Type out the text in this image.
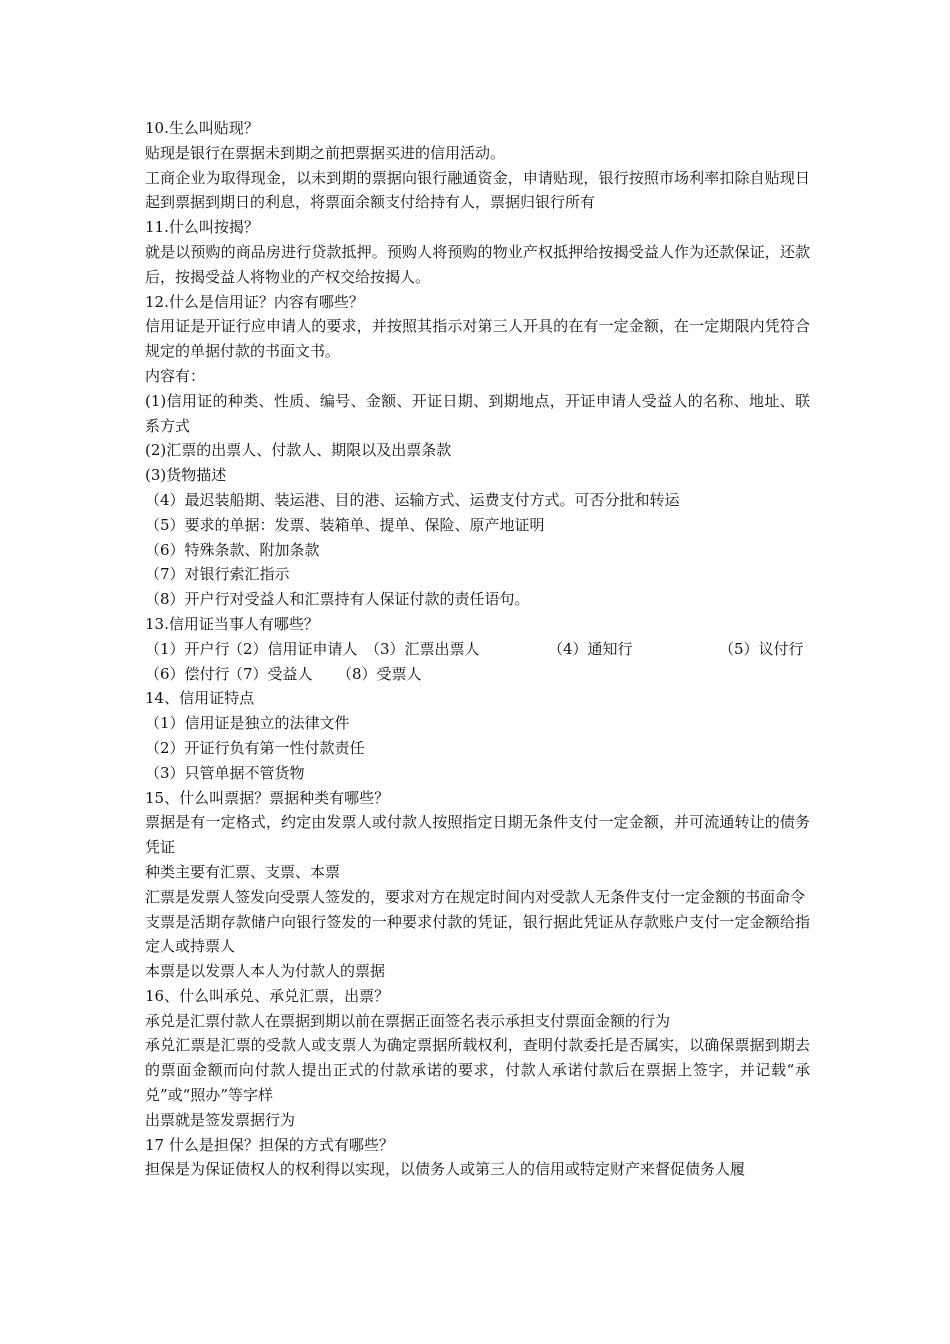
10.生么叫贴现？
贴现是银行在票据未到期之前把票据买进的信用活动。
工商企业为取得现金，以未到期的票据向银行融通资金，申请贴现，银行按照市场利率扣除自贴现日起到票据到期日的利息，将票面余额支付给持有人，票据归银行所有
11.什么叫按揭？
就是以预购的商品房进行贷款抵押。预购人将预购的物业产权抵押给按揭受益人作为还款保证，还款后，按揭受益人将物业的产权交给按揭人。
12.什么是信用证？内容有哪些？
信用证是开证行应申请人的要求，并按照其指示对第三人开具的在有一定金额，在一定期限内凭符合规定的单据付款的书面文书。
内容有：
(1)信用证的种类、性质、编号、金额、开证日期、到期地点，开证申请人受益人的名称、地址、联系方式
(2)汇票的出票人、付款人、期限以及出票条款
(3)货物描述
（4）最迟装船期、装运港、目的港、运输方式、运费支付方式。可否分批和转运
（5）要求的单据：发票、装箱单、提单、保险、原产地证明
（6）特殊条款、附加条款
（7）对银行索汇指示
（8）开户行对受益人和汇票持有人保证付款的责任语句。
13.信用证当事人有哪些？
（1）开户行
（2）信用证申请人 （3）汇票出票人	（4）通知行	（5）议付行
（6）偿付行
（7）受益人	（8）受票人
14、信用证特点
（1）信用证是独立的法律文件
（2）开证行负有第一性付款责任
（3）只管单据不管货物
15、什么叫票据？票据种类有哪些？
票据是有一定格式，约定由发票人或付款人按照指定日期无条件支付一定金额，并可流通转让的债务凭证
种类主要有汇票、支票、本票
汇票是发票人签发向受票人签发的，要求对方在规定时间内对受款人无条件支付一定金额的书面命令
支票是活期存款储户向银行签发的一种要求付款的凭证，银行据此凭证从存款账户支付一定金额给指定人或持票人
本票是以发票人本人为付款人的票据
16、什么叫承兑、承兑汇票，出票？
承兑是汇票付款人在票据到期以前在票据正面签名表示承担支付票面金额的行为
承兑汇票是汇票的受款人或支票人为确定票据所载权利，查明付款委托是否属实，以确保票据到期去的票面金额而向付款人提出正式的付款承诺的要求，付款人承诺付款后在票据上签字，并记载“承兑”或“照办”等字样
出票就是签发票据行为
17 什么是担保？担保的方式有哪些？
担保是为保证债权人的权利得以实现，以债务人或第三人的信用或特定财产来督促债务人履
